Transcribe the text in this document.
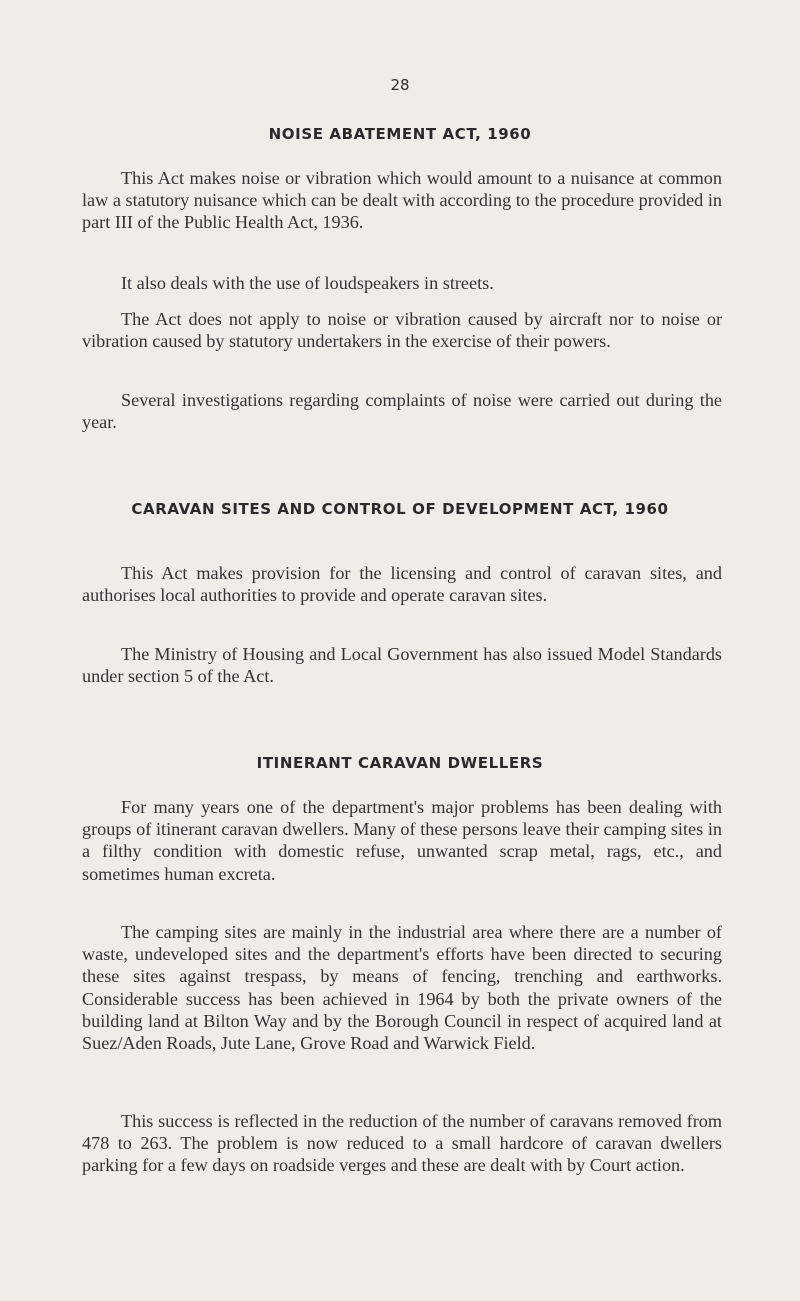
28
NOISE ABATEMENT ACT, 1960

This Act makes noise or vibration which would amount to a nuisance at common law a statutory nuisance which can be dealt with according to the procedure provided in part III of the Public Health Act, 1936.

It also deals with the use of loudspeakers in streets.

The Act does not apply to noise or vibration caused by aircraft nor to noise or vibration caused by statutory undertakers in the exercise of their powers.

Several investigations regarding complaints of noise were carried out during the year.

CARAVAN SITES AND CONTROL OF DEVELOPMENT ACT, 1960

This Act makes provision for the licensing and control of caravan sites, and authorises local authorities to provide and operate caravan sites.

The Ministry of Housing and Local Government has also issued Model Standards under section 5 of the Act.

ITINERANT CARAVAN DWELLERS

For many years one of the department's major problems has been dealing with groups of itinerant caravan dwellers. Many of these persons leave their camping sites in a filthy condition with domestic refuse, unwanted scrap metal, rags, etc., and sometimes human excreta.

The camping sites are mainly in the industrial area where there are a number of waste, undeveloped sites and the department's efforts have been directed to securing these sites against trespass, by means of fencing, trenching and earthworks. Considerable success has been achieved in 1964 by both the private owners of the building land at Bilton Way and by the Borough Council in respect of acquired land at Suez/Aden Roads, Jute Lane, Grove Road and Warwick Field.

This success is reflected in the reduction of the number of caravans removed from 478 to 263. The problem is now reduced to a small hardcore of caravan dwellers parking for a few days on roadside verges and these are dealt with by Court action.
